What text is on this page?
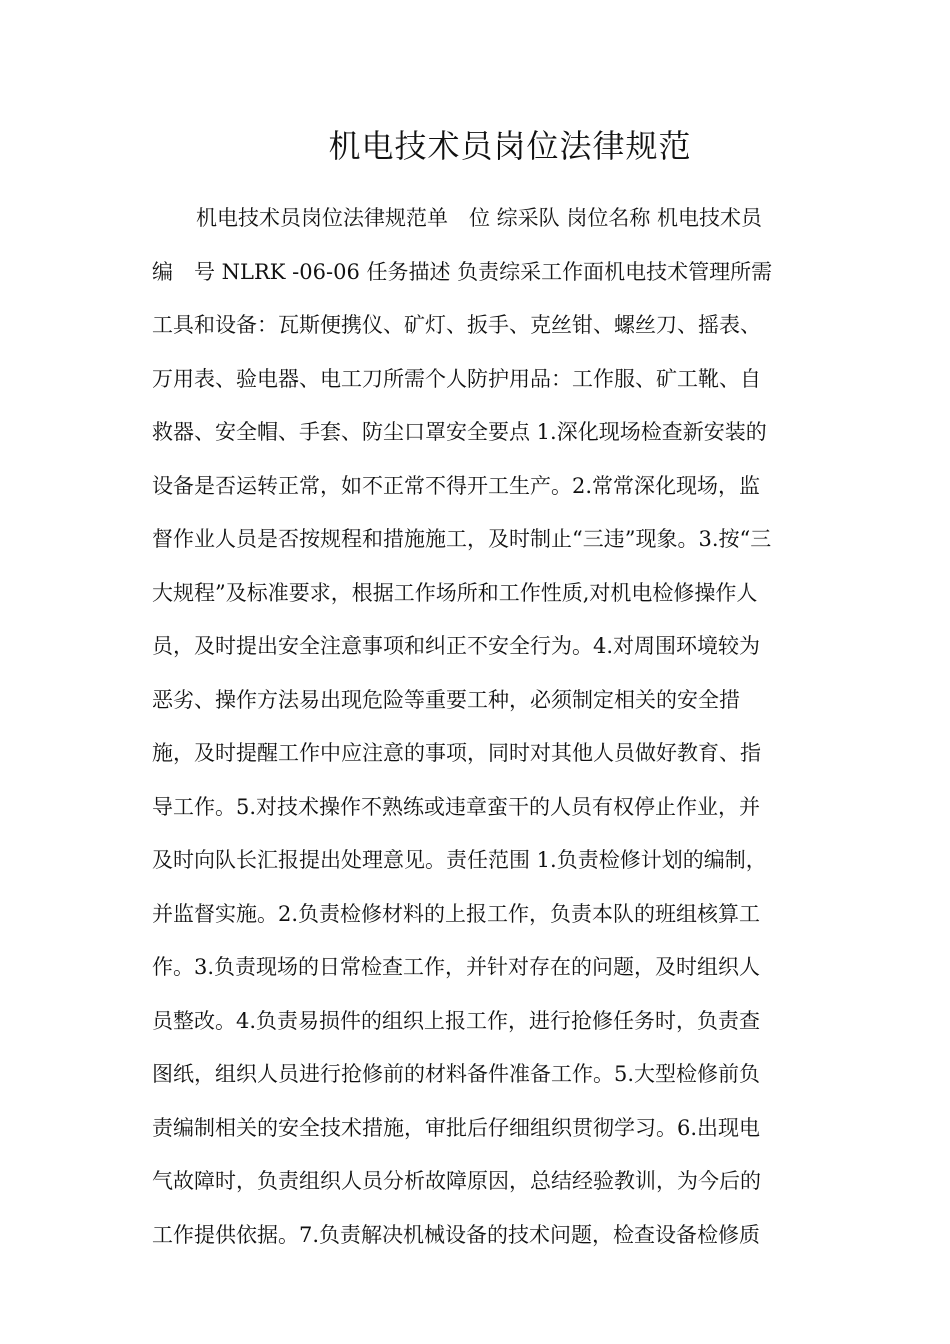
机电技术员岗位法律规范
机电技术员岗位法律规范单　位 综采队 岗位名称 机电技术员
编　号 NLRK -06-06 任务描述 负责综采工作面机电技术管理所需
工具和设备：瓦斯便携仪、矿灯、扳手、克丝钳、螺丝刀、摇表、
万用表、验电器、电工刀所需个人防护用品：工作服、矿工靴、自
救器、安全帽、手套、防尘口罩安全要点 1.深化现场检查新安装的
设备是否运转正常，如不正常不得开工生产。2.常常深化现场，监
督作业人员是否按规程和措施施工，及时制止“三违”现象。3.按“三
大规程”及标准要求，根据工作场所和工作性质,对机电检修操作人
员，及时提出安全注意事项和纠正不安全行为。4.对周围环境较为
恶劣、操作方法易出现危险等重要工种，必须制定相关的安全措
施，及时提醒工作中应注意的事项，同时对其他人员做好教育、指
导工作。5.对技术操作不熟练或违章蛮干的人员有权停止作业，并
及时向队长汇报提出处理意见。责任范围 1.负责检修计划的编制，
并监督实施。2.负责检修材料的上报工作，负责本队的班组核算工
作。3.负责现场的日常检查工作，并针对存在的问题，及时组织人
员整改。4.负责易损件的组织上报工作，进行抢修任务时，负责查
图纸，组织人员进行抢修前的材料备件准备工作。5.大型检修前负
责编制相关的安全技术措施，审批后仔细组织贯彻学习。6.出现电
气故障时，负责组织人员分析故障原因，总结经验教训，为今后的
工作提供依据。7.负责解决机械设备的技术问题，检查设备检修质
